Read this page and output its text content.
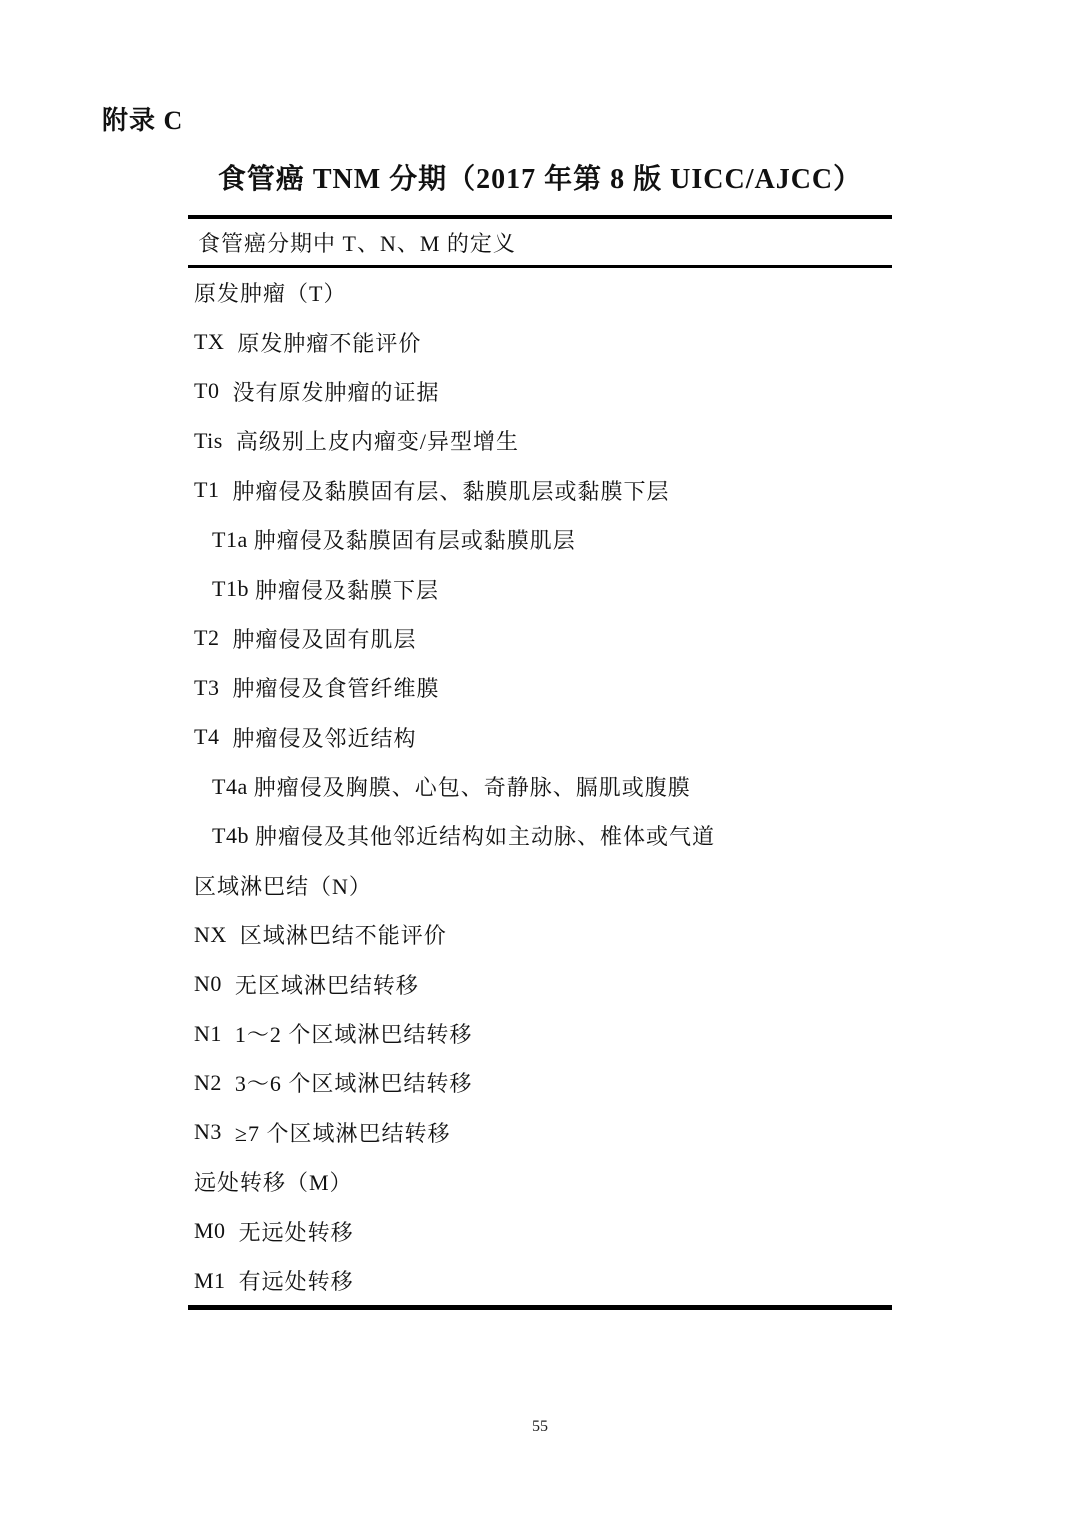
附录 C
食管癌 TNM 分期（2017 年第 8 版 UICC/AJCC）
食管癌分期中 T、N、M 的定义
原发肿瘤（T）
TX 原发肿瘤不能评价
T0 没有原发肿瘤的证据
Tis 高级别上皮内瘤变/异型增生
T1 肿瘤侵及黏膜固有层、黏膜肌层或黏膜下层
T1a 肿瘤侵及黏膜固有层或黏膜肌层
T1b 肿瘤侵及黏膜下层
T2 肿瘤侵及固有肌层
T3 肿瘤侵及食管纤维膜
T4 肿瘤侵及邻近结构
T4a 肿瘤侵及胸膜、心包、奇静脉、膈肌或腹膜
T4b 肿瘤侵及其他邻近结构如主动脉、椎体或气道
区域淋巴结（N）
NX 区域淋巴结不能评价
N0 无区域淋巴结转移
N1 1～2 个区域淋巴结转移
N2 3～6 个区域淋巴结转移
N3 ≥7 个区域淋巴结转移
远处转移（M）
M0 无远处转移
M1 有远处转移
55
